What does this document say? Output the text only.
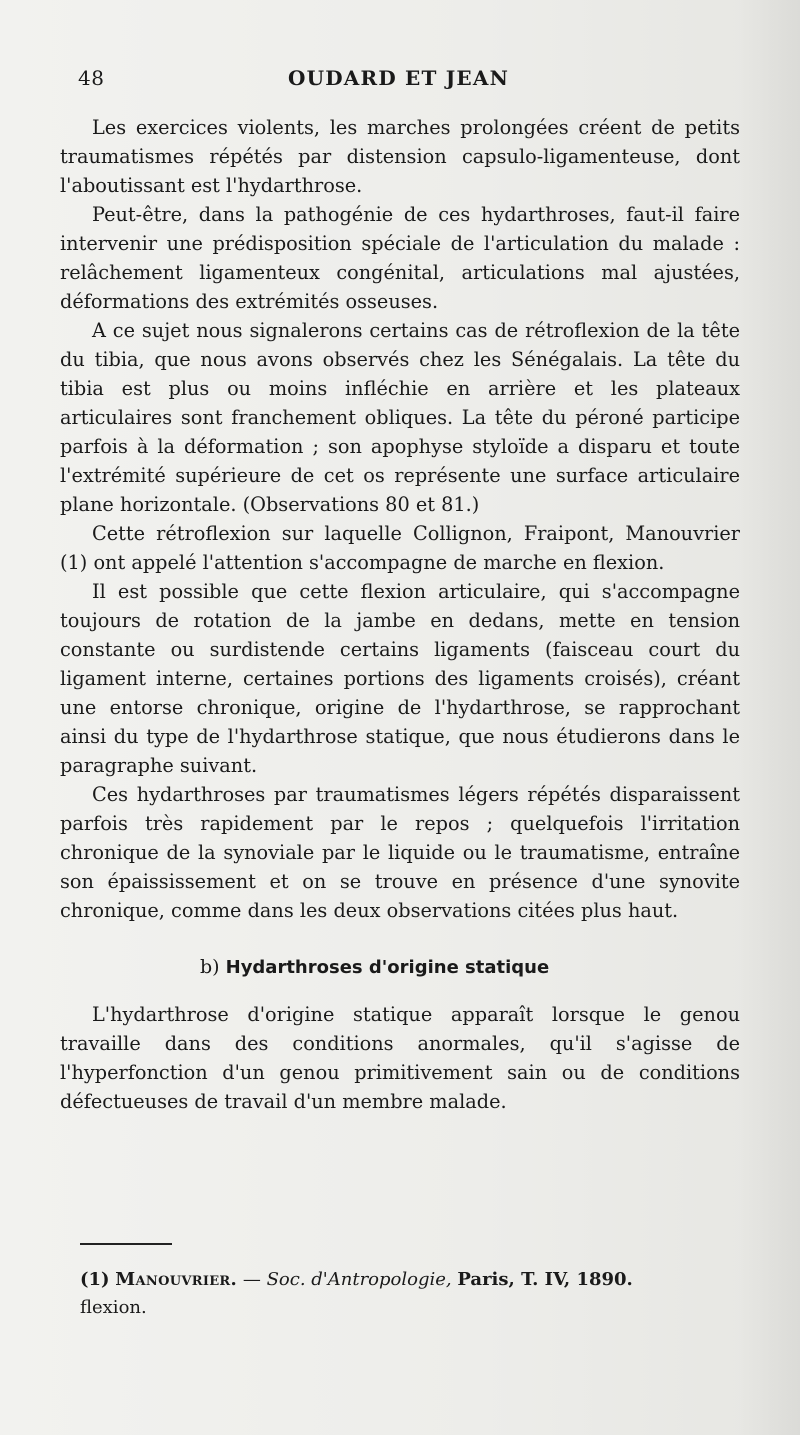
48	OUDARD ET JEAN

Les exercices violents, les marches prolongées créent de petits traumatismes répétés par distension capsulo-ligamenteuse, dont l'aboutissant est l'hydarthrose.

Peut-être, dans la pathogénie de ces hydarthroses, faut-il faire intervenir une prédisposition spéciale de l'articulation du malade : relâchement ligamenteux congénital, articulations mal ajustées, déformations des extrémités osseuses.

A ce sujet nous signalerons certains cas de rétroflexion de la tête du tibia, que nous avons observés chez les Sénégalais. La tête du tibia est plus ou moins infléchie en arrière et les plateaux articulaires sont franchement obliques. La tête du péroné participe parfois à la déformation ; son apophyse styloïde a disparu et toute l'extrémité supérieure de cet os représente une surface articulaire plane horizontale. (Observations 80 et 81.)

Cette rétroflexion sur laquelle Collignon, Fraipont, Manouvrier (1) ont appelé l'attention s'accompagne de marche en flexion.

Il est possible que cette flexion articulaire, qui s'accompagne toujours de rotation de la jambe en dedans, mette en tension constante ou surdistende certains ligaments (faisceau court du ligament interne, certaines portions des ligaments croisés), créant une entorse chronique, origine de l'hydarthrose, se rapprochant ainsi du type de l'hydarthrose statique, que nous étudierons dans le paragraphe suivant.

Ces hydarthroses par traumatismes légers répétés disparaissent parfois très rapidement par le repos ; quelquefois l'irritation chronique de la synoviale par le liquide ou le traumatisme, entraîne son épaississement et on se trouve en présence d'une synovite chronique, comme dans les deux observations citées plus haut.

b) Hydarthroses d'origine statique

L'hydarthrose d'origine statique apparaît lorsque le genou travaille dans des conditions anormales, qu'il s'agisse de l'hyperfonction d'un genou primitivement sain ou de conditions défectueuses de travail d'un membre malade.

(1) Manouvrier. — Soc. d'Antropologie, Paris, T. IV, 1890.
flexion.
